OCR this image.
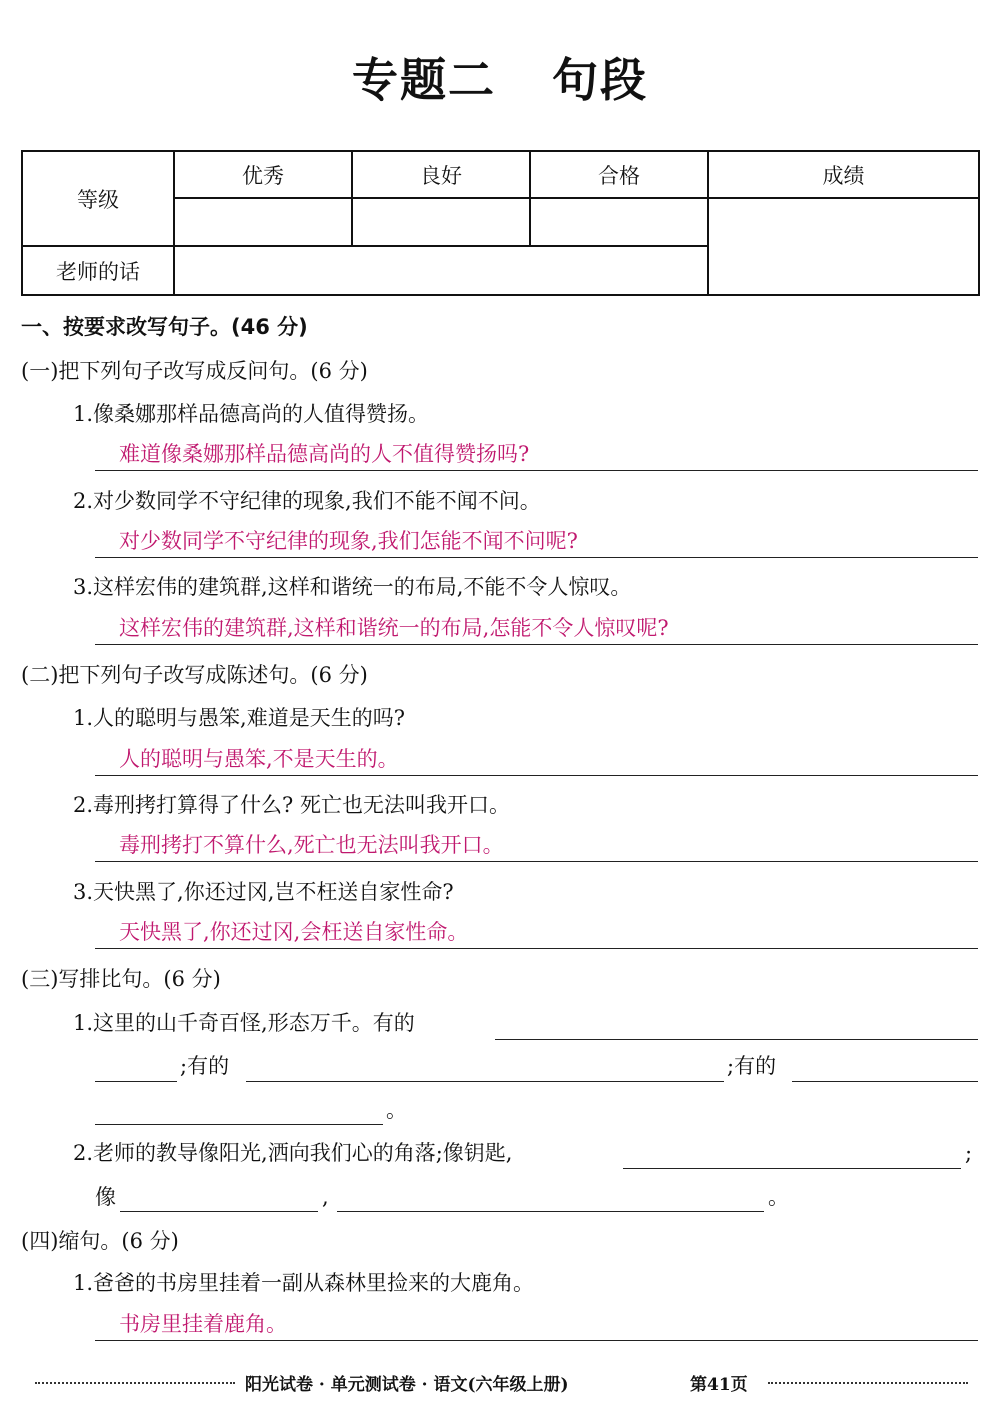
专题二 句段
等级	优秀	良好	合格	成绩

老师的话				
一、按要求改写句子。(46 分)
(一)把下列句子改写成反问句。(6 分)
1.像桑娜那样品德高尚的人值得赞扬。
难道像桑娜那样品德高尚的人不值得赞扬吗?
2.对少数同学不守纪律的现象,我们不能不闻不问。
对少数同学不守纪律的现象,我们怎能不闻不问呢?
3.这样宏伟的建筑群,这样和谐统一的布局,不能不令人惊叹。
这样宏伟的建筑群,这样和谐统一的布局,怎能不令人惊叹呢?
(二)把下列句子改写成陈述句。(6 分)
1.人的聪明与愚笨,难道是天生的吗?
人的聪明与愚笨,不是天生的。
2.毒刑拷打算得了什么? 死亡也无法叫我开口。
毒刑拷打不算什么,死亡也无法叫我开口。
3.天快黑了,你还过冈,岂不枉送自家性命?
天快黑了,你还过冈,会枉送自家性命。
(三)写排比句。(6 分)
1.这里的山千奇百怪,形态万千。有的
;有的	;有的
。
2.老师的教导像阳光,洒向我们心的角落;像钥匙,	;
像	,	。
(四)缩句。(6 分)
1.爸爸的书房里挂着一副从森林里捡来的大鹿角。
书房里挂着鹿角。
阳光试卷 · 单元测试卷 · 语文(六年级上册)	第41页
